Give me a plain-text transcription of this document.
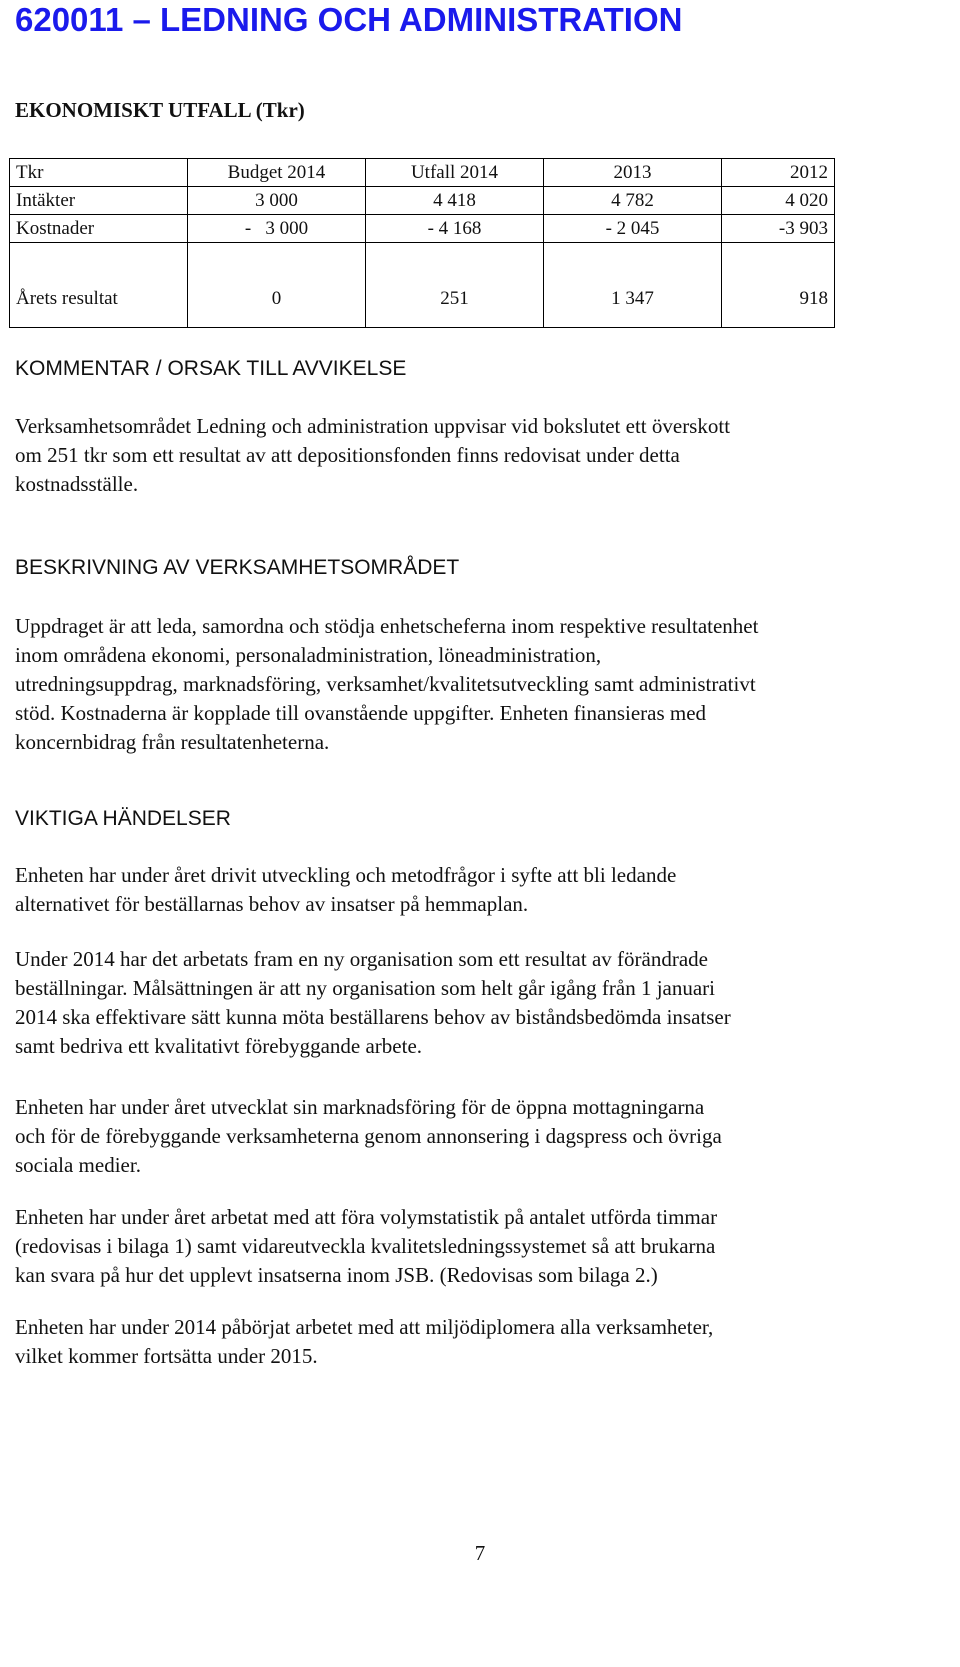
620011 – LEDNING OCH ADMINISTRATION
EKONOMISKT UTFALL (Tkr)
Tkr	Budget 2014	Utfall 2014	2013	2012
Intäkter	3 000	4 418	4 782	4 020
Kostnader	-   3 000	- 4 168	- 2 045	-3 903
Årets resultat	0	251	1 347	918
KOMMENTAR / ORSAK TILL AVVIKELSE

Verksamhetsområdet Ledning och administration uppvisar vid bokslutet ett överskott
om 251 tkr som ett resultat av att depositionsfonden finns redovisat under detta
kostnadsställe.

BESKRIVNING AV VERKSAMHETSOMRÅDET

Uppdraget är att leda, samordna och stödja enhetscheferna inom respektive resultatenhet
inom områdena ekonomi, personaladministration, löneadministration,
utredningsuppdrag, marknadsföring, verksamhet/kvalitetsutveckling samt administrativt
stöd. Kostnaderna är kopplade till ovanstående uppgifter. Enheten finansieras med
koncernbidrag från resultatenheterna.

VIKTIGA HÄNDELSER

Enheten har under året drivit utveckling och metodfrågor i syfte att bli ledande
alternativet för beställarnas behov av insatser på hemmaplan.

Under 2014 har det arbetats fram en ny organisation som ett resultat av förändrade
beställningar. Målsättningen är att ny organisation som helt går igång från 1 januari
2014 ska effektivare sätt kunna möta beställarens behov av biståndsbedömda insatser
samt bedriva ett kvalitativt förebyggande arbete.

Enheten har under året utvecklat sin marknadsföring för de öppna mottagningarna
och för de förebyggande verksamheterna genom annonsering i dagspress och övriga
sociala medier.

Enheten har under året arbetat med att föra volymstatistik på antalet utförda timmar
(redovisas i bilaga 1) samt vidareutveckla kvalitetsledningssystemet så att brukarna
kan svara på hur det upplevt insatserna inom JSB. (Redovisas som bilaga 2.)

Enheten har under 2014 påbörjat arbetet med att miljödiplomera alla verksamheter,
vilket kommer fortsätta under 2015.

7
